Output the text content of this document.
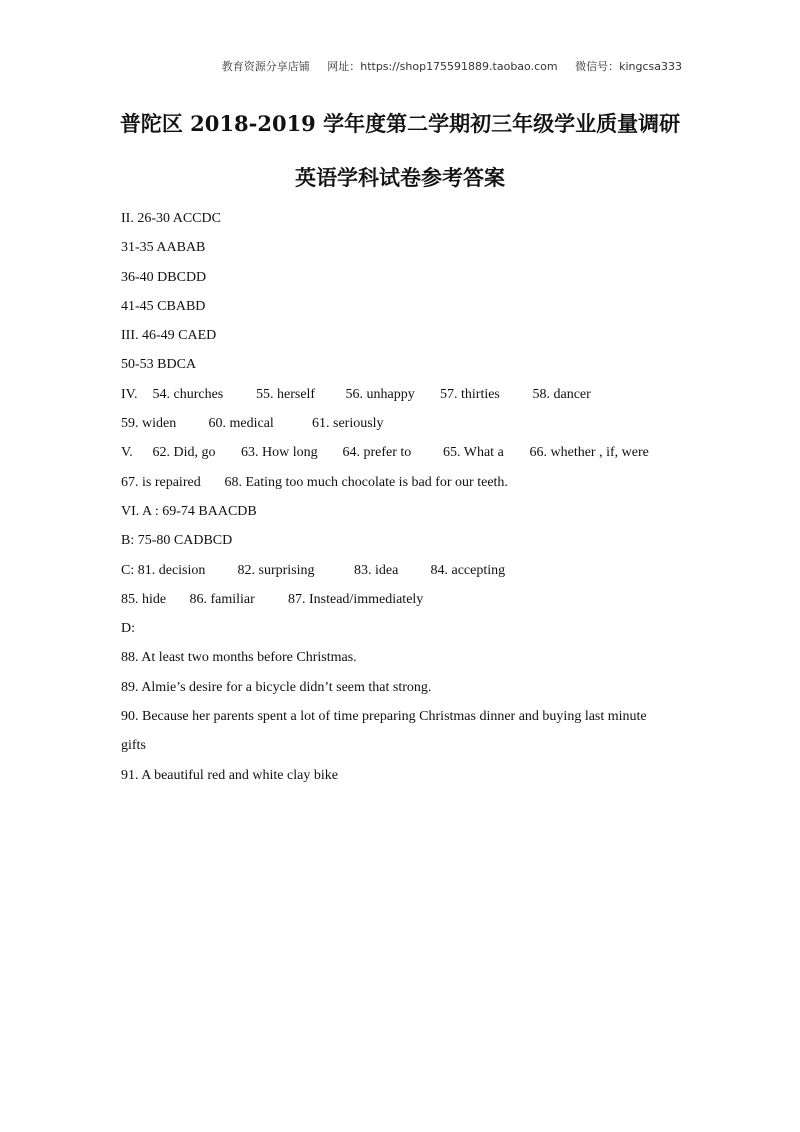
教育资源分享店铺 网址：https://shop175591889.taobao.com 微信号：kingcsa333
普陀区 2018-2019 学年度第二学期初三年级学业质量调研
英语学科试卷参考答案
II. 26-30 ACCDC
31-35 AABAB
36-40 DBCDD
41-45 CBABD
III. 46-49 CAED
50-53 BDCA
IV. 54. churches 55. herself 56. unhappy 57. thirties 58. dancer
59. widen 60. medical	61. seriously
V. 62. Did, go 63. How long 64. prefer to 65. What a 66. whether , if, were
67. is repaired 68. Eating too much chocolate is bad for our teeth.
VI. A : 69-74 BAACDB
B: 75-80 CADBCD
C: 81. decision 82. surprising	83. idea 84. accepting
85. hide 86. familiar 87. Instead/immediately
D:
88. At least two months before Christmas.
89. Almie’s desire for a bicycle didn’t seem that strong.
90. Because her parents spent a lot of time preparing Christmas dinner and buying last minute
gifts
91. A beautiful red and white clay bike
